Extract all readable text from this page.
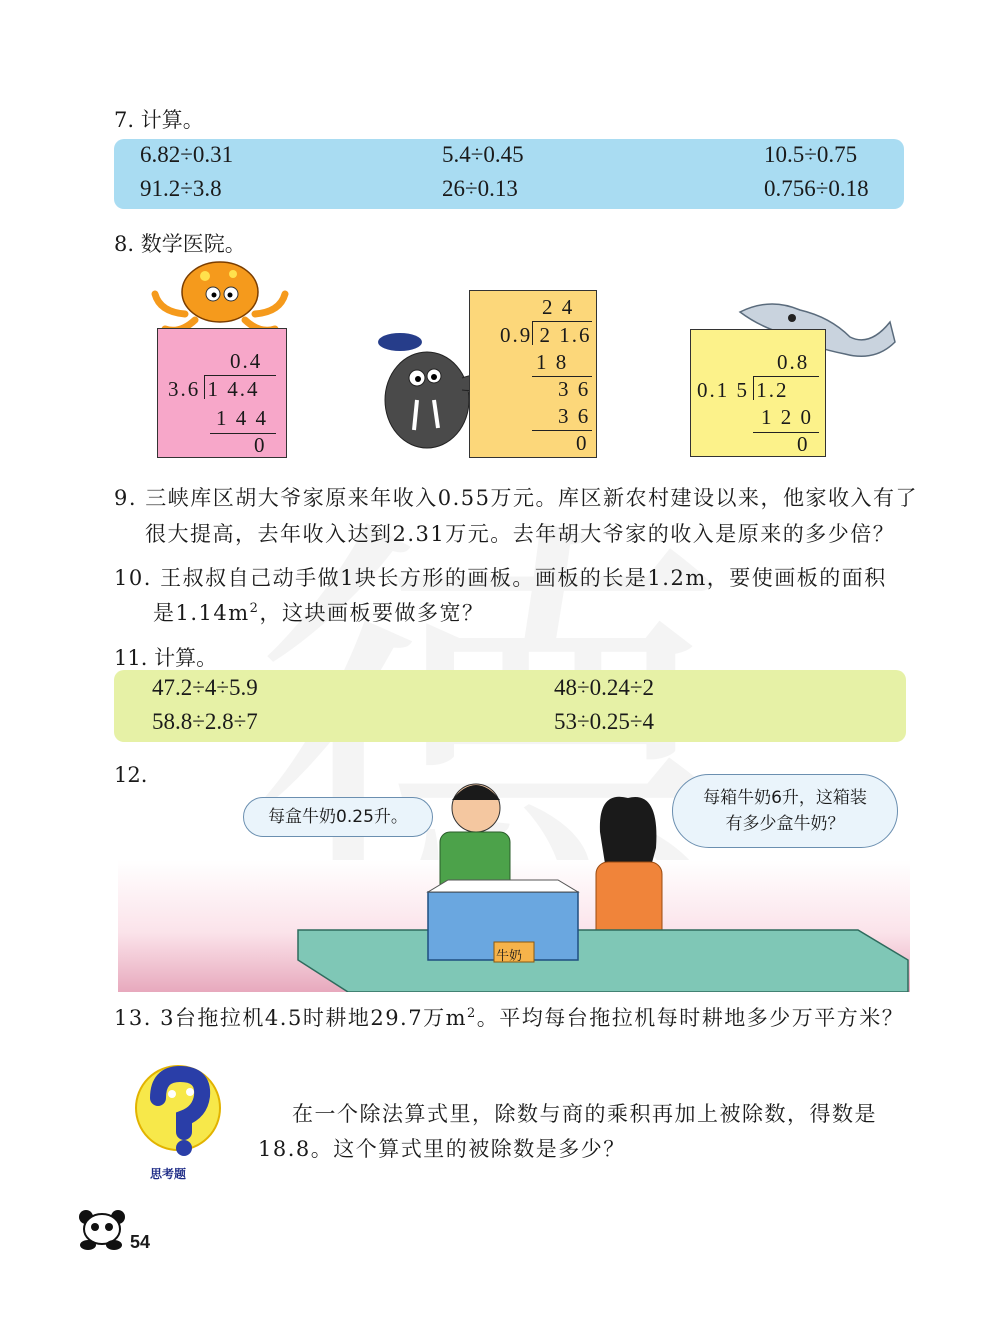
7. 计算。
6.82÷0.31	5.4÷0.45	10.5÷0.75
91.2÷3.8	26÷0.13	0.756÷0.18
8. 数学医院。
0.4
3.6 1 4.4
1 4 4
0
2 4
0.9 2 1.6
1 8
3 6
3 6
0
0.8
0.1 5 1.2
1 2 0
0
9. 三峡库区胡大爷家原来年收入0.55万元。库区新农村建设以来，他家收入有了
很大提高，去年收入达到2.31万元。去年胡大爷家的收入是原来的多少倍？
10. 王叔叔自己动手做1块长方形的画板。画板的长是1.2m，要使画板的面积
是$1.14m^2$，这块画板要做多宽？
11. 计算。
47.2÷4÷5.9	48÷0.24÷2
58.8÷2.8÷7	53÷0.25÷4
12.
牛奶
每盒牛奶0.25升。
每箱牛奶6升，这箱装
有多少盒牛奶？
13. 3台拖拉机4.5时耕地29.7万$m^2$。平均每台拖拉机每时耕地多少万平方米？
思考题
在一个除法算式里，除数与商的乘积再加上被除数，得数是
18.8。这个算式里的被除数是多少？
54
